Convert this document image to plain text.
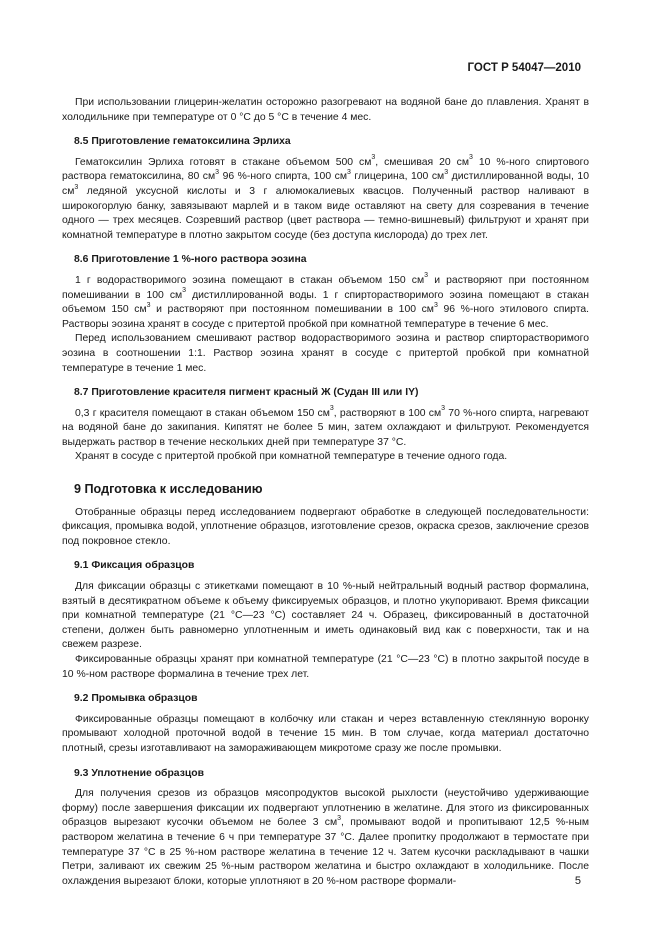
ГОСТ Р 54047—2010

При использовании глицерин-желатин осторожно разогревают на водяной бане до плавления. Хранят в холодильнике при температуре от 0 °С до 5 °С в течение 4 мес.

8.5 Приготовление гематоксилина Эрлиха

Гематоксилин Эрлиха готовят в стакане объемом 500 $см^3$, смешивая 20 $см^3$ 10 %-ного спиртового раствора гематоксилина, 80 $см^3$ 96 %-ного спирта, 100 $см^3$ глицерина, 100 $см^3$ дистиллированной воды, 10 $см^3$ ледяной уксусной кислоты и 3 г алюмокалиевых квасцов. Полученный раствор наливают в широкогорлую банку, завязывают марлей и в таком виде оставляют на свету для созревания в течение одного — трех месяцев. Созревший раствор (цвет раствора — темно-вишневый) фильтруют и хранят при комнатной температуре в плотно закрытом сосуде (без доступа кислорода) до трех лет.

8.6 Приготовление 1 %-ного раствора эозина

1 г водорастворимого эозина помещают в стакан объемом 150 $см^3$ и растворяют при постоянном помешивании в 100 $см^3$ дистиллированной воды. 1 г спирторастворимого эозина помещают в стакан объемом 150 $см^3$ и растворяют при постоянном помешивании в 100 $см^3$ 96 %-ного этилового спирта. Растворы эозина хранят в сосуде с притертой пробкой при комнатной температуре в течение 6 мес.

Перед использованием смешивают раствор водорастворимого эозина и раствор спирторастворимого эозина в соотношении 1:1. Раствор эозина хранят в сосуде с притертой пробкой при комнатной температуре в течение 1 мес.

8.7 Приготовление красителя пигмент красный Ж (Судан III или IY)

0,3 г красителя помещают в стакан объемом 150 $см^3$, растворяют в 100 $см^3$ 70 %-ного спирта, нагревают на водяной бане до закипания. Кипятят не более 5 мин, затем охлаждают и фильтруют. Рекомендуется выдержать раствор в течение нескольких дней при температуре 37 °С.

Хранят в сосуде с притертой пробкой при комнатной температуре в течение одного года.

9 Подготовка к исследованию

Отобранные образцы перед исследованием подвергают обработке в следующей последовательности: фиксация, промывка водой, уплотнение образцов, изготовление срезов, окраска срезов, заключение срезов под покровное стекло.

9.1 Фиксация образцов

Для фиксации образцы с этикетками помещают в 10 %-ный нейтральный водный раствор формалина, взятый в десятикратном объеме к объему фиксируемых образцов, и плотно укупоривают. Время фиксации при комнатной температуре (21 °С—23 °С) составляет 24 ч. Образец, фиксированный в достаточной степени, должен быть равномерно уплотненным и иметь одинаковый вид как с поверхности, так и на свежем разрезе.

Фиксированные образцы хранят при комнатной температуре (21 °С—23 °С) в плотно закрытой посуде в 10 %-ном растворе формалина в течение трех лет.

9.2 Промывка образцов

Фиксированные образцы помещают в колбочку или стакан и через вставленную стеклянную воронку промывают холодной проточной водой в течение 15 мин. В том случае, когда материал достаточно плотный, срезы изготавливают на замораживающем микротоме сразу же после промывки.

9.3 Уплотнение образцов

Для получения срезов из образцов мясопродуктов высокой рыхлости (неустойчиво удерживающие форму) после завершения фиксации их подвергают уплотнению в желатине. Для этого из фиксированных образцов вырезают кусочки объемом не более 3 $см^3$, промывают водой и пропитывают 12,5 %-ным раствором желатина в течение 6 ч при температуре 37 °С. Далее пропитку продолжают в термостате при температуре 37 °С в 25 %-ном растворе желатина в течение 12 ч. Затем кусочки раскладывают в чашки Петри, заливают их свежим 25 %-ным раствором желатина и быстро охлаждают в холодильнике. После охлаждения вырезают блоки, которые уплотняют в 20 %-ном растворе формали-	5
